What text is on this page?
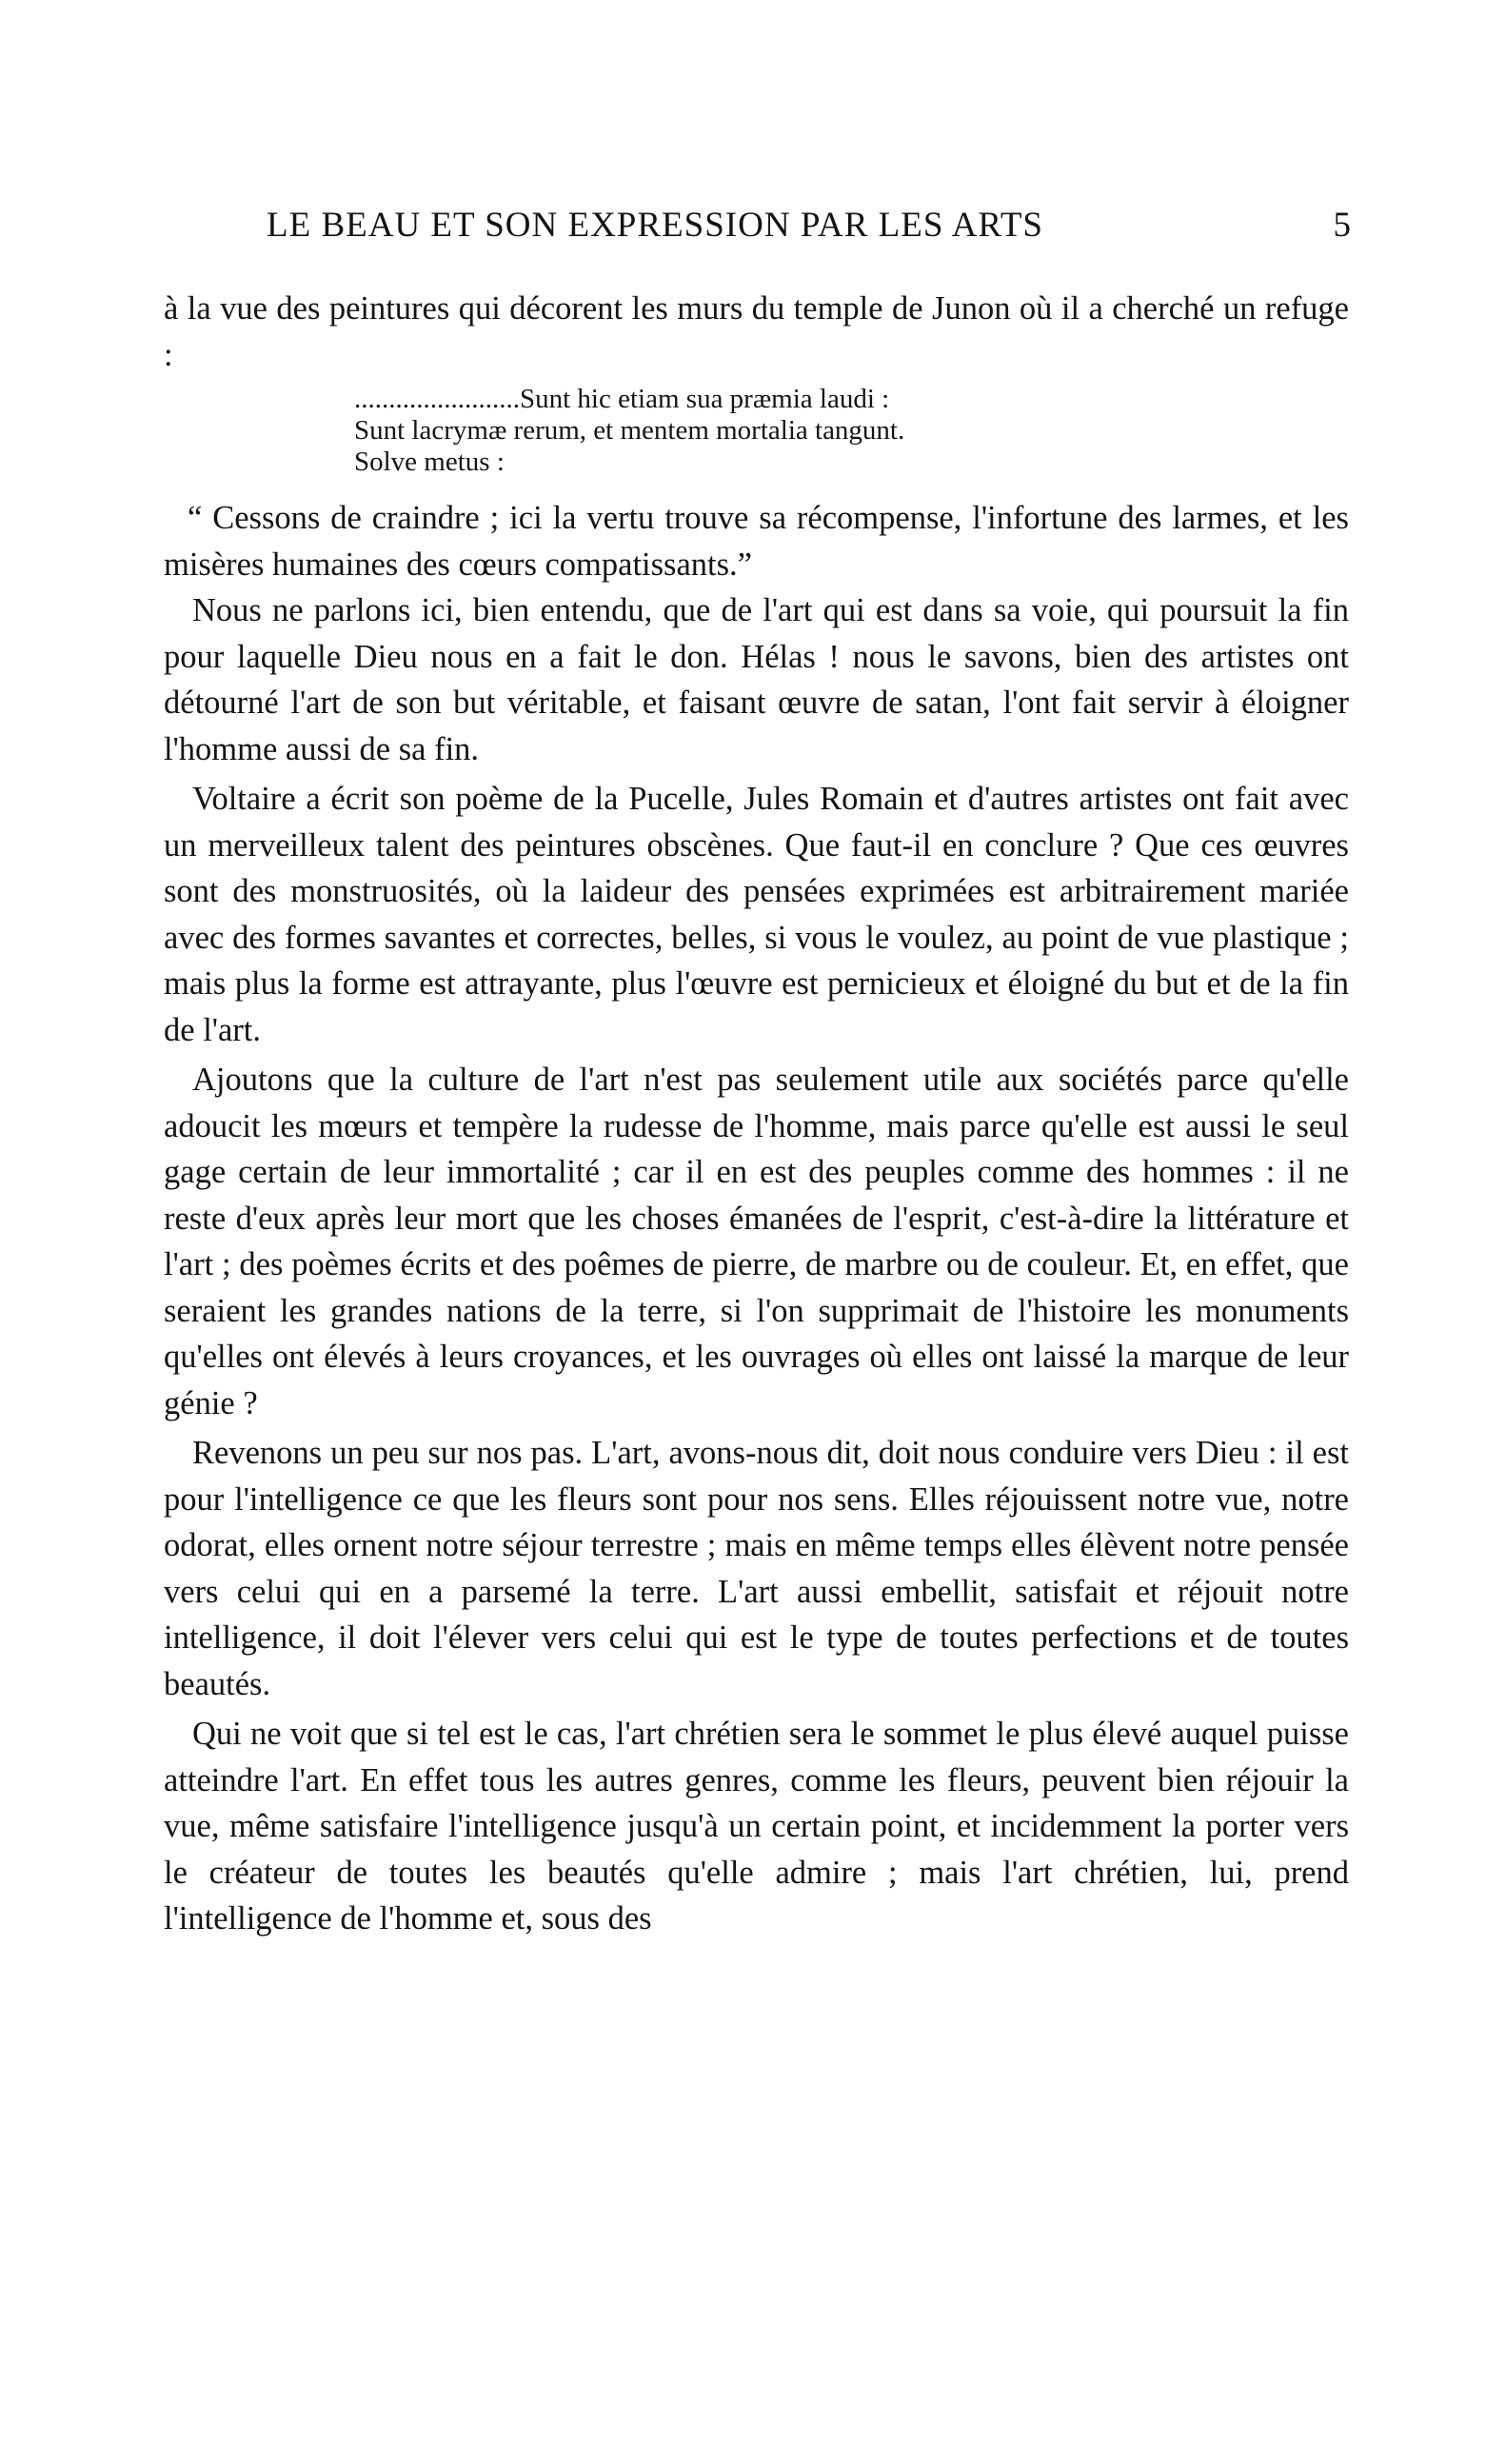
LE BEAU ET SON EXPRESSION PAR LES ARTS	5

à la vue des peintures qui décorent les murs du temple de Junon où il a cherché un refuge :

........................Sunt hic etiam sua præmia laudi :
Sunt lacrymæ rerum, et mentem mortalia tangunt.
Solve metus :

“ Cessons de craindre ; ici la vertu trouve sa récompense, l'infortune des larmes, et les misères humaines des cœurs compatissants.”

Nous ne parlons ici, bien entendu, que de l'art qui est dans sa voie, qui poursuit la fin pour laquelle Dieu nous en a fait le don. Hélas ! nous le savons, bien des artistes ont détourné l'art de son but véritable, et faisant œuvre de satan, l'ont fait servir à éloigner l'homme aussi de sa fin.

Voltaire a écrit son poème de la Pucelle, Jules Romain et d'autres artistes ont fait avec un merveilleux talent des peintures obscènes. Que faut-il en conclure ? Que ces œuvres sont des monstruosités, où la laideur des pensées exprimées est arbitrairement mariée avec des formes savantes et correctes, belles, si vous le voulez, au point de vue plastique ; mais plus la forme est attrayante, plus l'œuvre est pernicieux et éloigné du but et de la fin de l'art.

Ajoutons que la culture de l'art n'est pas seulement utile aux sociétés parce qu'elle adoucit les mœurs et tempère la rudesse de l'homme, mais parce qu'elle est aussi le seul gage certain de leur immortalité ; car il en est des peuples comme des hommes : il ne reste d'eux après leur mort que les choses émanées de l'esprit, c'est-à-dire la littérature et l'art ; des poèmes écrits et des poêmes de pierre, de marbre ou de couleur. Et, en effet, que seraient les grandes nations de la terre, si l'on supprimait de l'histoire les monuments qu'elles ont élevés à leurs croyances, et les ouvrages où elles ont laissé la marque de leur génie ?

Revenons un peu sur nos pas. L'art, avons-nous dit, doit nous conduire vers Dieu : il est pour l'intelligence ce que les fleurs sont pour nos sens. Elles réjouissent notre vue, notre odorat, elles ornent notre séjour terrestre ; mais en même temps elles élèvent notre pensée vers celui qui en a parsemé la terre. L'art aussi embellit, satisfait et réjouit notre intelligence, il doit l'élever vers celui qui est le type de toutes perfections et de toutes beautés.

Qui ne voit que si tel est le cas, l'art chrétien sera le sommet le plus élevé auquel puisse atteindre l'art. En effet tous les autres genres, comme les fleurs, peuvent bien réjouir la vue, même satisfaire l'intelligence jusqu'à un certain point, et incidemment la porter vers le créateur de toutes les beautés qu'elle admire ; mais l'art chrétien, lui, prend l'intelligence de l'homme et, sous des
